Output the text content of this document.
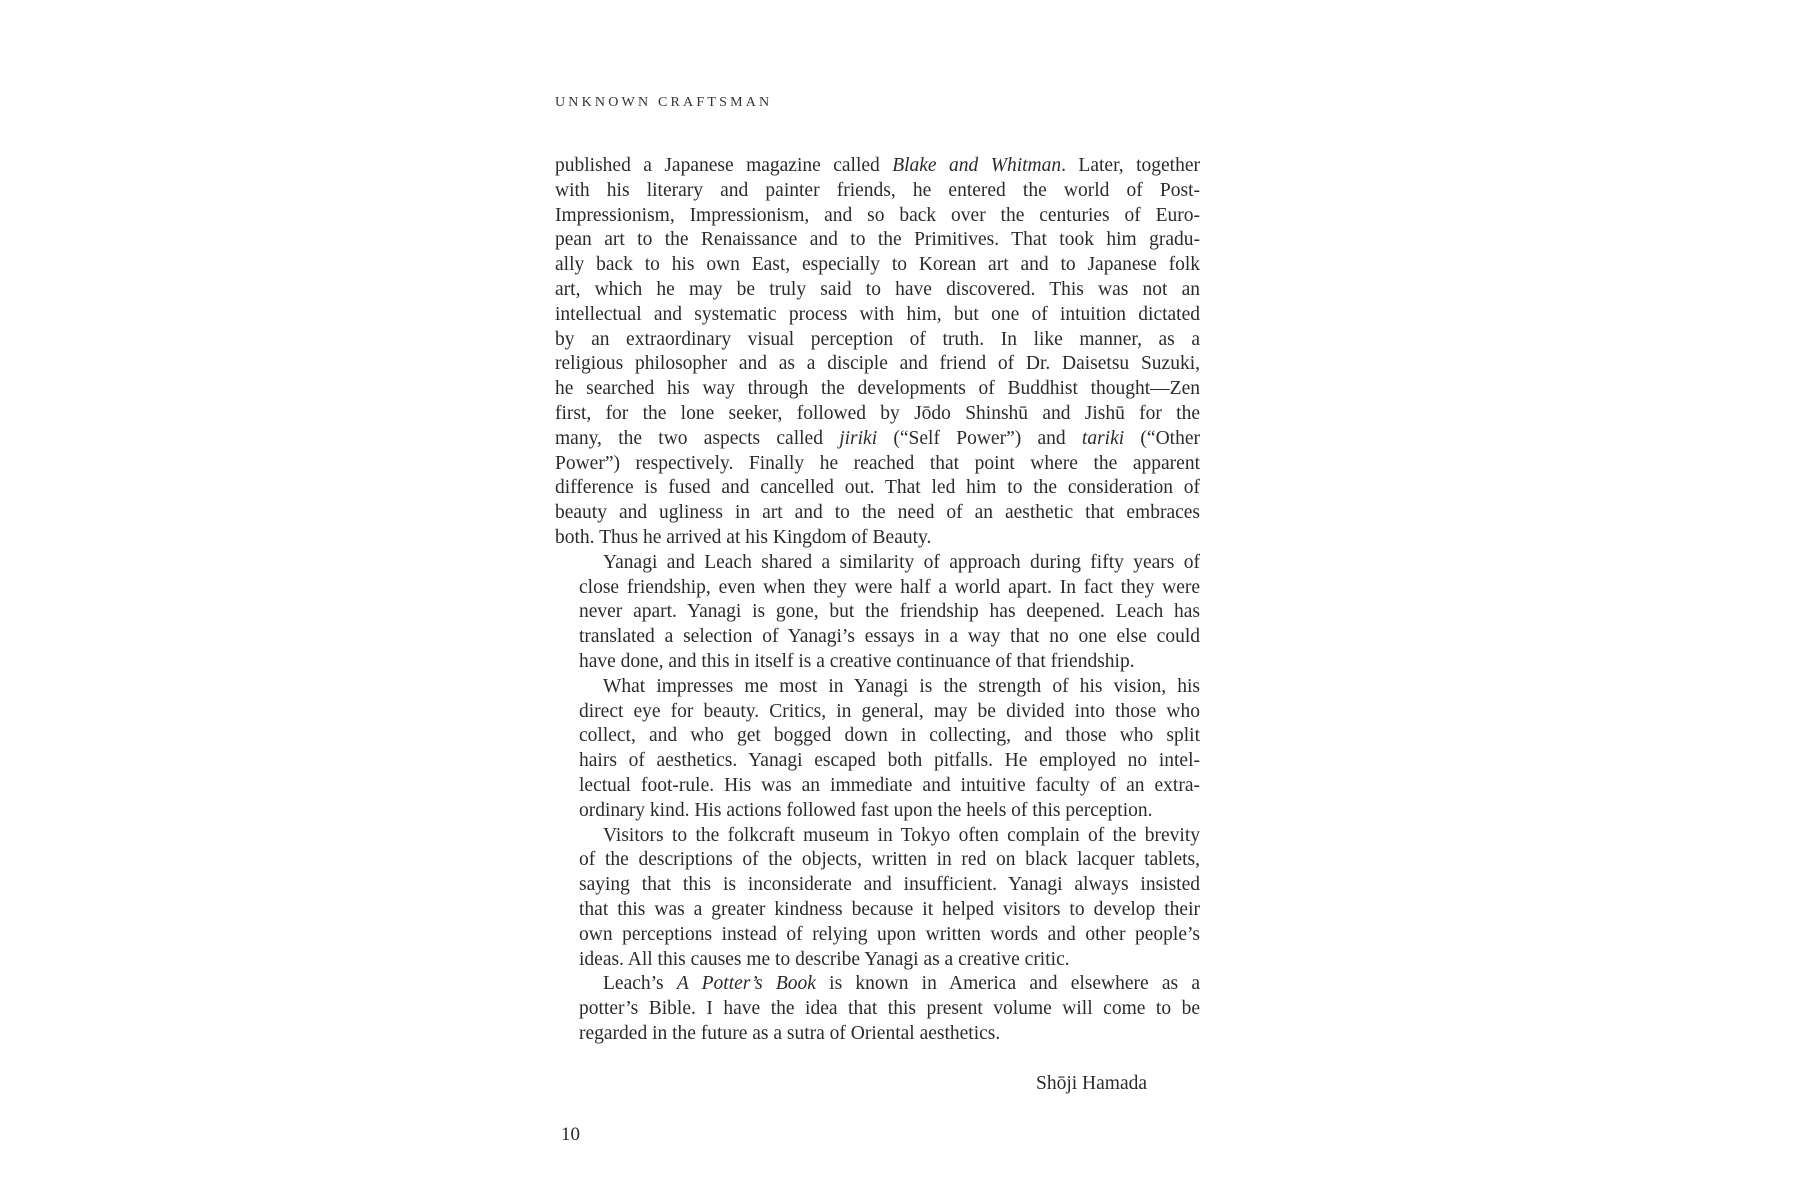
UNKNOWN CRAFTSMAN

published a Japanese magazine called Blake and Whitman. Later, together
with his literary and painter friends, he entered the world of Post-
Impressionism, Impressionism, and so back over the centuries of Euro-
pean art to the Renaissance and to the Primitives. That took him gradu-
ally back to his own East, especially to Korean art and to Japanese folk
art, which he may be truly said to have discovered. This was not an
intellectual and systematic process with him, but one of intuition dictated
by an extraordinary visual perception of truth. In like manner, as a
religious philosopher and as a disciple and friend of Dr. Daisetsu Suzuki,
he searched his way through the developments of Buddhist thought—Zen
first, for the lone seeker, followed by Jōdo Shinshū and Jishū for the
many, the two aspects called jiriki (“Self Power”) and tariki (“Other
Power”) respectively. Finally he reached that point where the apparent
difference is fused and cancelled out. That led him to the consideration of
beauty and ugliness in art and to the need of an aesthetic that embraces
both. Thus he arrived at his Kingdom of Beauty.

Yanagi and Leach shared a similarity of approach during fifty years of
close friendship, even when they were half a world apart. In fact they were
never apart. Yanagi is gone, but the friendship has deepened. Leach has
translated a selection of Yanagi’s essays in a way that no one else could
have done, and this in itself is a creative continuance of that friendship.

What impresses me most in Yanagi is the strength of his vision, his
direct eye for beauty. Critics, in general, may be divided into those who
collect, and who get bogged down in collecting, and those who split
hairs of aesthetics. Yanagi escaped both pitfalls. He employed no intel-
lectual foot-rule. His was an immediate and intuitive faculty of an extra-
ordinary kind. His actions followed fast upon the heels of this perception.

Visitors to the folkcraft museum in Tokyo often complain of the brevity
of the descriptions of the objects, written in red on black lacquer tablets,
saying that this is inconsiderate and insufficient. Yanagi always insisted
that this was a greater kindness because it helped visitors to develop their
own perceptions instead of relying upon written words and other people’s
ideas. All this causes me to describe Yanagi as a creative critic.

Leach’s A Potter’s Book is known in America and elsewhere as a
potter’s Bible. I have the idea that this present volume will come to be
regarded in the future as a sutra of Oriental aesthetics.

Shōji Hamada
10
